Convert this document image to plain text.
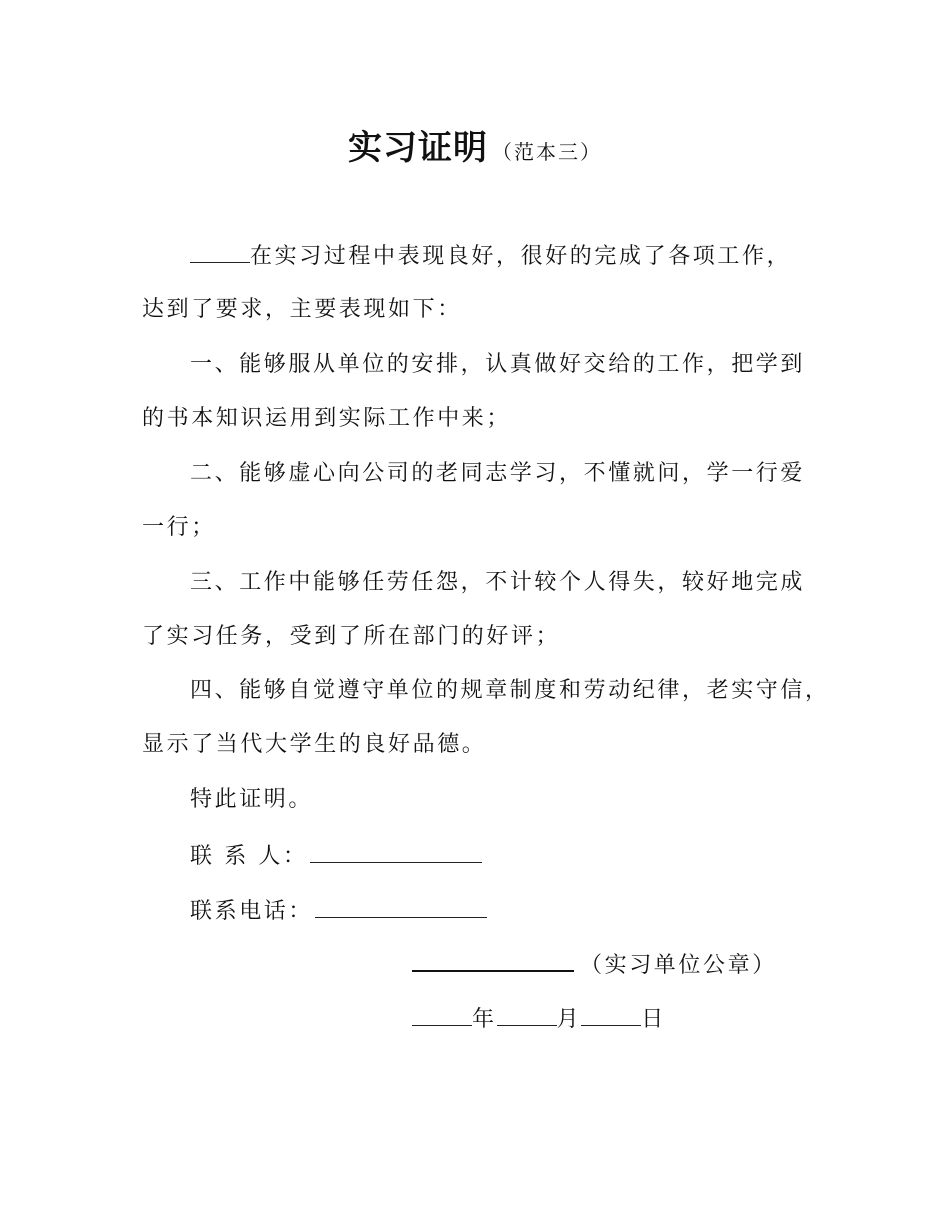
实习证明 （范本三）
在实习过程中表现良好，很好的完成了各项工作，
达到了要求，主要表现如下：
一、能够服从单位的安排，认真做好交给的工作，把学到
的书本知识运用到实际工作中来；
二、能够虚心向公司的老同志学习，不懂就问，学一行爱
一行；
三、工作中能够任劳任怨，不计较个人得失，较好地完成
了实习任务，受到了所在部门的好评；
四、能够自觉遵守单位的规章制度和劳动纪律，老实守信，
显示了当代大学生的良好品德。
特此证明。
联 系 人：
联系电话：
（实习单位公章）
年	月	日
